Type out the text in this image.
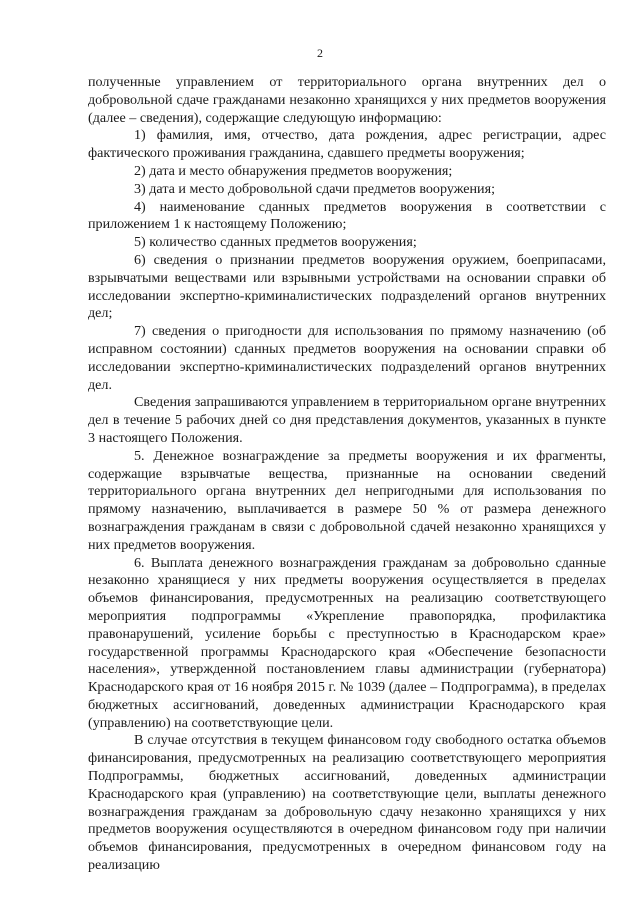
2

полученные управлением от территориального органа внутренних дел о добровольной сдаче гражданами незаконно хранящихся у них предметов вооружения (далее – сведения), содержащие следующую информацию:

1) фамилия, имя, отчество, дата рождения, адрес регистрации, адрес фактического проживания гражданина, сдавшего предметы вооружения;

2) дата и место обнаружения предметов вооружения;

3) дата и место добровольной сдачи предметов вооружения;

4) наименование сданных предметов вооружения в соответствии с приложением 1 к настоящему Положению;

5) количество сданных предметов вооружения;

6) сведения о признании предметов вооружения оружием, боеприпасами, взрывчатыми веществами или взрывными устройствами на основании справки об исследовании экспертно-криминалистических подразделений органов внутренних дел;

7) сведения о пригодности для использования по прямому назначению (об исправном состоянии) сданных предметов вооружения на основании справки об исследовании экспертно-криминалистических подразделений органов внутренних дел.

Сведения запрашиваются управлением в территориальном органе внутренних дел в течение 5 рабочих дней со дня представления документов, указанных в пункте 3 настоящего Положения.

5. Денежное вознаграждение за предметы вооружения и их фрагменты, содержащие взрывчатые вещества, признанные на основании сведений территориального органа внутренних дел непригодными для использования по прямому назначению, выплачивается в размере 50 % от размера денежного вознаграждения гражданам в связи с добровольной сдачей незаконно хранящихся у них предметов вооружения.

6. Выплата денежного вознаграждения гражданам за добровольно сданные незаконно хранящиеся у них предметы вооружения осуществляется в пределах объемов финансирования, предусмотренных на реализацию соответствующего мероприятия подпрограммы «Укрепление правопорядка, профилактика правонарушений, усиление борьбы с преступностью в Краснодарском крае» государственной программы Краснодарского края «Обеспечение безопасности населения», утвержденной постановлением главы администрации (губернатора) Краснодарского края от 16 ноября 2015 г. № 1039 (далее – Подпрограмма), в пределах бюджетных ассигнований, доведенных администрации Краснодарского края (управлению) на соответствующие цели.

В случае отсутствия в текущем финансовом году свободного остатка объемов финансирования, предусмотренных на реализацию соответствующего мероприятия Подпрограммы, бюджетных ассигнований, доведенных администрации Краснодарского края (управлению) на соответствующие цели, выплаты денежного вознаграждения гражданам за добровольную сдачу незаконно хранящихся у них предметов вооружения осуществляются в очередном финансовом году при наличии объемов финансирования, предусмотренных в очередном финансовом году на реализацию
